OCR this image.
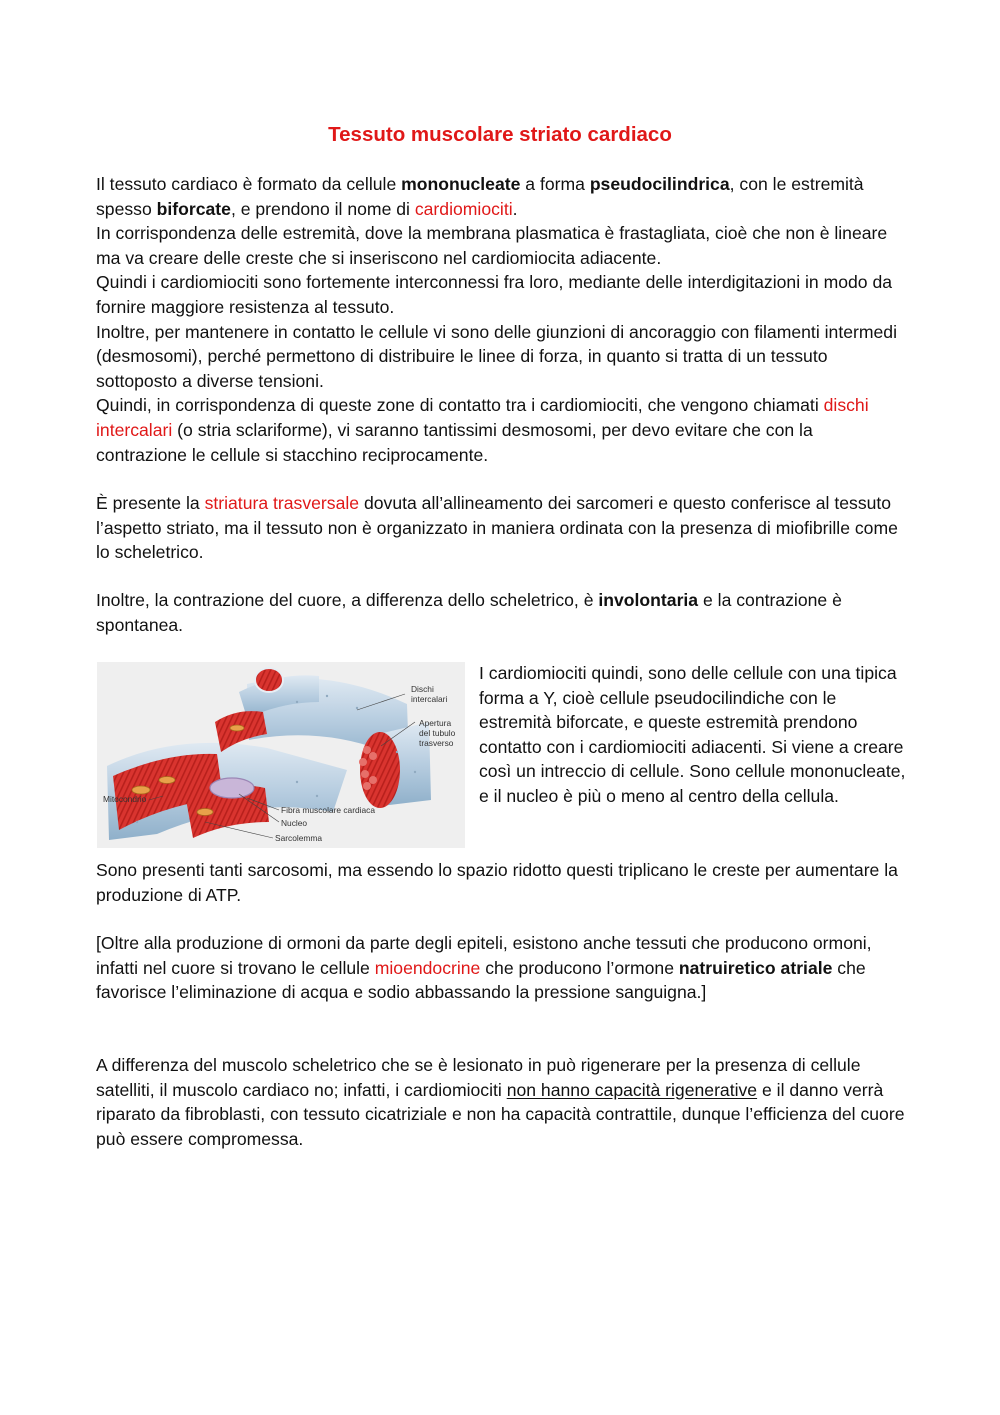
Tessuto muscolare striato cardiaco

Il tessuto cardiaco è formato da cellule mononucleate a forma pseudocilindrica, con le estremità spesso biforcate, e prendono il nome di cardiomiociti.
In corrispondenza delle estremità, dove la membrana plasmatica è frastagliata, cioè che non è lineare ma va creare delle creste che si inseriscono nel cardiomiocita adiacente.
Quindi i cardiomiociti sono fortemente interconnessi fra loro, mediante delle interdigitazioni in modo da fornire maggiore resistenza al tessuto.
Inoltre, per mantenere in contatto le cellule vi sono delle giunzioni di ancoraggio con filamenti intermedi (desmosomi), perché permettono di distribuire le linee di forza, in quanto si tratta di un tessuto sottoposto a diverse tensioni.
Quindi, in corrispondenza di queste zone di contatto tra i cardiomiociti, che vengono chiamati dischi intercalari (o stria sclariforme), vi saranno tantissimi desmosomi, per devo evitare che con la contrazione le cellule si stacchino reciprocamente.

È presente la striatura trasversale dovuta all’allineamento dei sarcomeri e questo conferisce al tessuto l’aspetto striato, ma il tessuto non è organizzato in maniera ordinata con la presenza di miofibrille come lo scheletrico.

Inoltre, la contrazione del cuore, a differenza dello scheletrico, è involontaria e la contrazione è spontanea.

Dischi
intercalari
Apertura
del tubulo
trasverso
Mitocondrio
Fibra muscolare cardiaca
Nucleo
Sarcolemma

I cardiomiociti quindi, sono delle cellule con una tipica forma a Y, cioè cellule pseudocilindiche con le estremità biforcate, e queste estremità prendono contatto con i cardiomiociti adiacenti. Si viene a creare così un intreccio di cellule. Sono cellule mononucleate, e il nucleo è più o meno al centro della cellula.

Sono presenti tanti sarcosomi, ma essendo lo spazio ridotto questi triplicano le creste per aumentare la produzione di ATP.

[Oltre alla produzione di ormoni da parte degli epiteli, esistono anche tessuti che producono ormoni, infatti nel cuore si trovano le cellule mioendocrine che producono l’ormone natruiretico atriale che favorisce l’eliminazione di acqua e sodio abbassando la pressione sanguigna.]

A differenza del muscolo scheletrico che se è lesionato in può rigenerare per la presenza di cellule satelliti, il muscolo cardiaco no; infatti, i cardiomiociti non hanno capacità rigenerative e il danno verrà riparato da fibroblasti, con tessuto cicatriziale e non ha capacità contrattile, dunque l’efficienza del cuore può essere compromessa.
